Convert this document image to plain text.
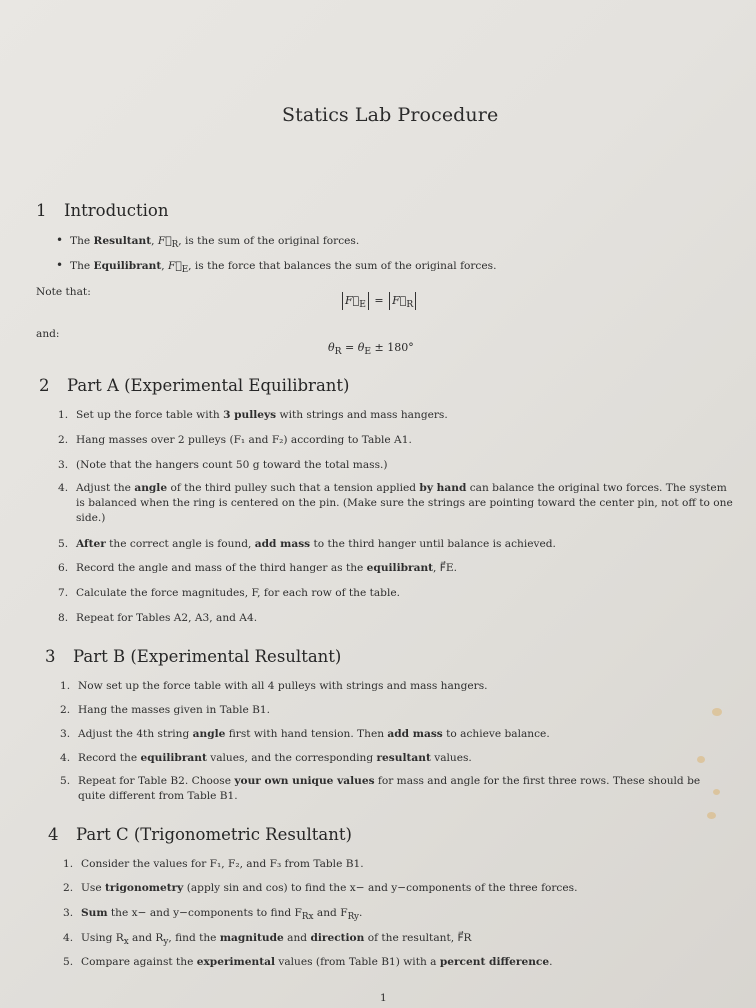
Statics Lab Procedure
1 Introduction
• The Resultant, $F⃗_R$, is the sum of the original forces.
• The Equilibrant, $F⃗_E$, is the force that balances the sum of the original forces.
Note that:
$F⃗_E$ = $F⃗_R$
and:
$\theta_R = \theta_E \pm 180^\circ$
2 Part A (Experimental Equilibrant)
1. Set up the force table with 3 pulleys with strings and mass hangers.
2. Hang masses over 2 pulleys (F₁ and F₂) according to Table A1.
3. (Note that the hangers count 50 g toward the total mass.)
4. Adjust the angle of the third pulley such that a tension applied by hand can balance the original two forces. The system is balanced when the ring is centered on the pin. (Make sure the strings are pointing toward the center pin, not off to one side.)
5. After the correct angle is found, add mass to the third hanger until balance is achieved.
6. Record the angle and mass of the third hanger as the equilibrant, F⃗E.
7. Calculate the force magnitudes, F, for each row of the table.
8. Repeat for Tables A2, A3, and A4.
3 Part B (Experimental Resultant)
1. Now set up the force table with all 4 pulleys with strings and mass hangers.
2. Hang the masses given in Table B1.
3. Adjust the 4th string angle first with hand tension. Then add mass to achieve balance.
4. Record the equilibrant values, and the corresponding resultant values.
5. Repeat for Table B2. Choose your own unique values for mass and angle for the first three rows. These should be quite different from Table B1.
4 Part C (Trigonometric Resultant)
1. Consider the values for F₁, F₂, and F₃ from Table B1.
2. Use trigonometry (apply sin and cos) to find the x− and y−components of the three forces.
3. Sum the x− and y−components to find $F_{Rx}$ and $F_{Ry}$.
4. Using $R_x$ and $R_y$, find the magnitude and direction of the resultant, F⃗R
5. Compare against the experimental values (from Table B1) with a percent difference.
1
